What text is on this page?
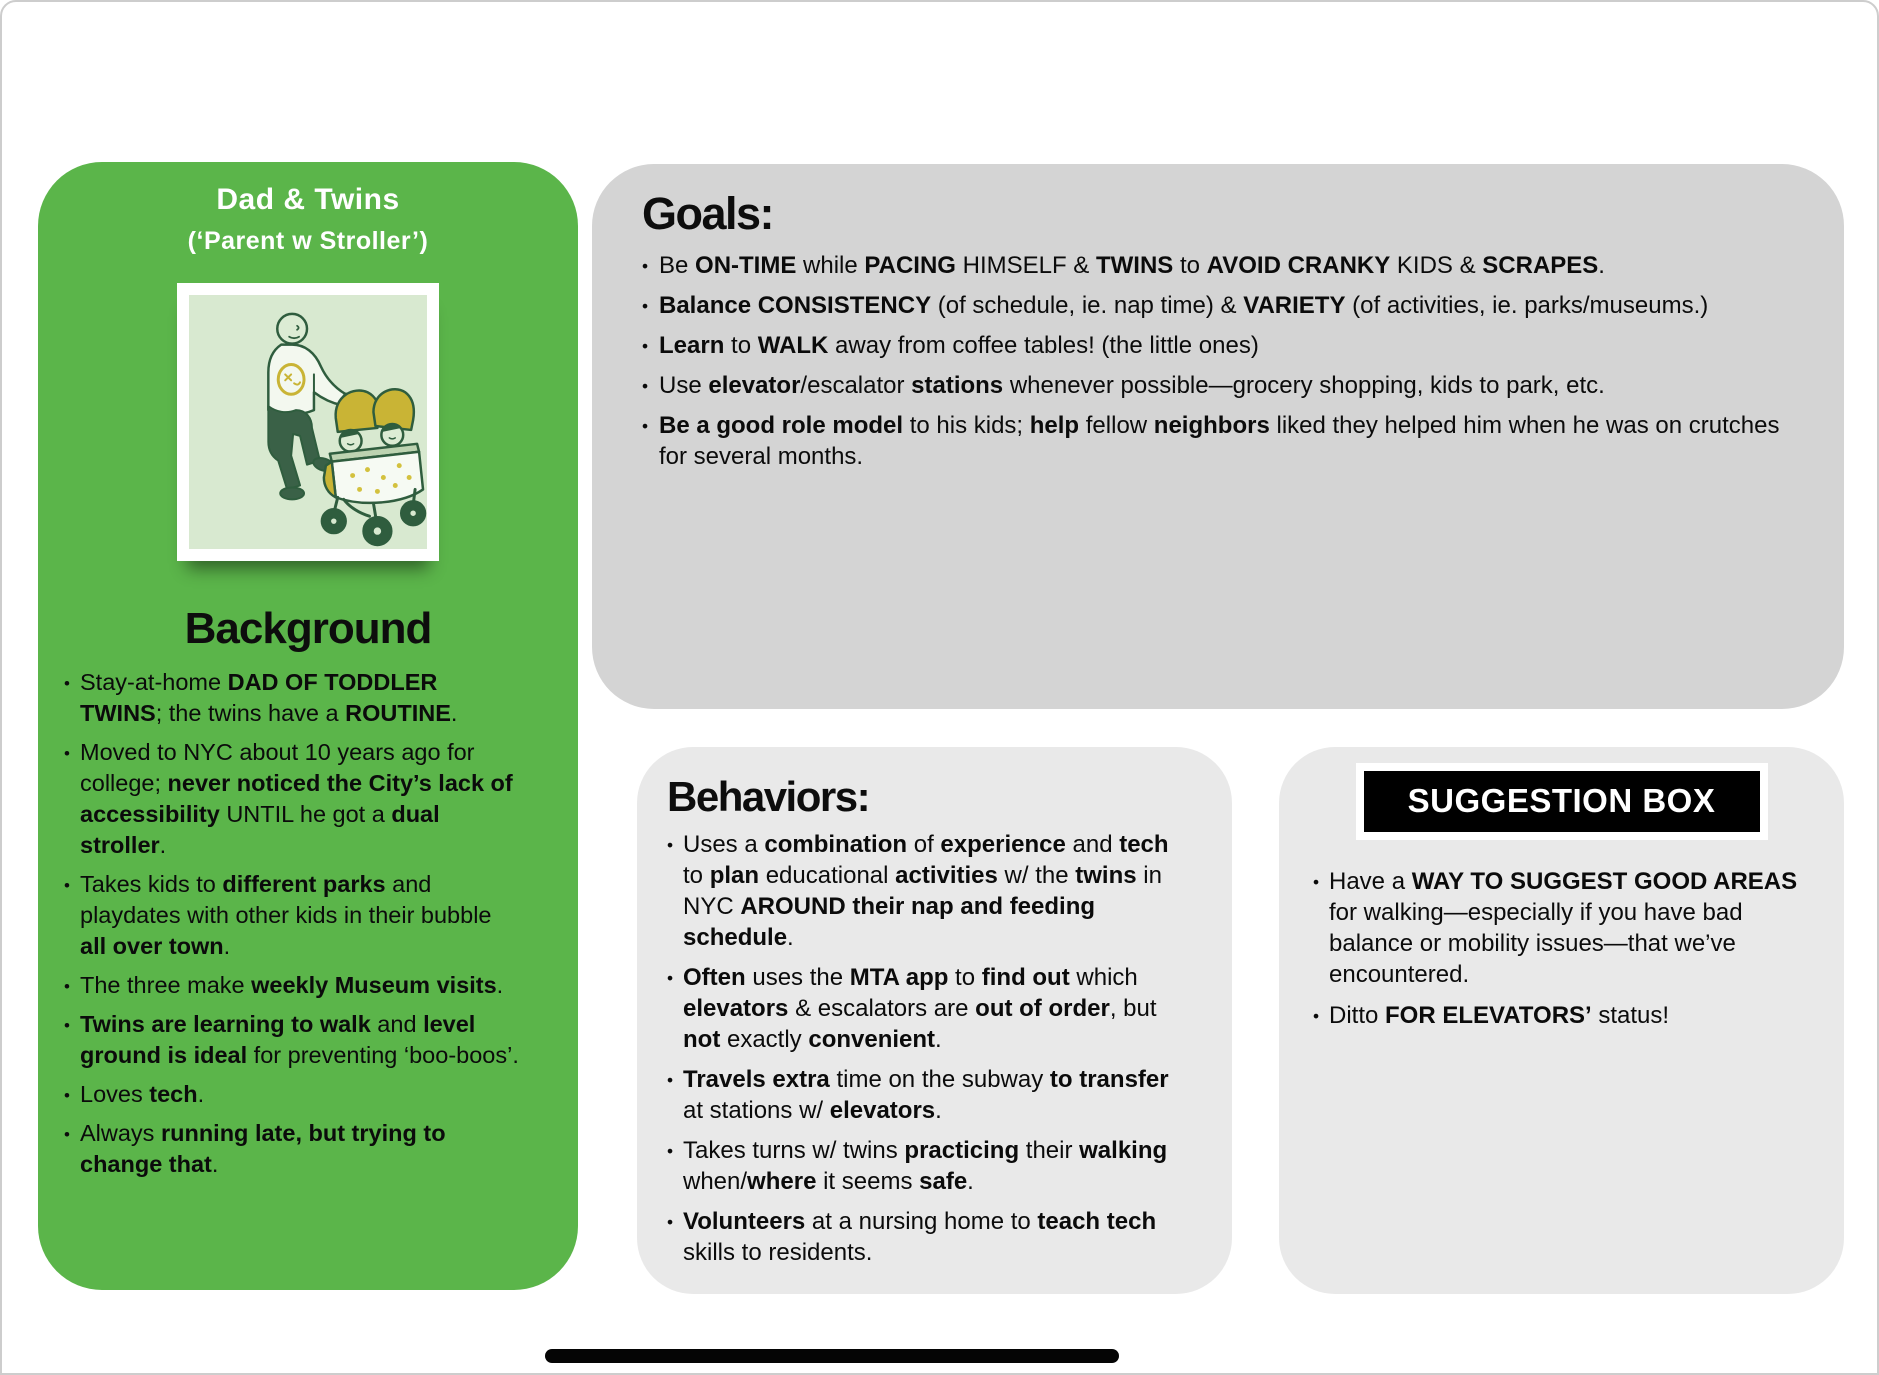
Dad & Twins
(‘Parent w Stroller’)
Background
• Stay-at-home DAD OF TODDLER TWINS; the twins have a ROUTINE.
• Moved to NYC about 10 years ago for college; never noticed the City’s lack of accessibility UNTIL he got a dual stroller.
• Takes kids to different parks and playdates with other kids in their bubble all over town.
• The three make weekly Museum visits.
• Twins are learning to walk and level ground is ideal for preventing ‘boo-boos’.
• Loves tech.
• Always running late, but trying to change that.
Goals:
• Be ON-TIME while PACING HIMSELF & TWINS to AVOID CRANKY KIDS & SCRAPES.
• Balance CONSISTENCY (of schedule, ie. nap time) & VARIETY (of activities, ie. parks/museums.)
• Learn to WALK away from coffee tables! (the little ones)
• Use elevator/escalator stations whenever possible—grocery shopping, kids to park, etc.
• Be a good role model to his kids; help fellow neighbors liked they helped him when he was on crutches for several months.
Behaviors:
• Uses a combination of experience and tech to plan educational activities w/ the twins in NYC AROUND their nap and feeding schedule.
• Often uses the MTA app to find out which elevators & escalators are out of order, but not exactly convenient.
• Travels extra time on the subway to transfer at stations w/ elevators.
• Takes turns w/ twins practicing their walking when/where it seems safe.
• Volunteers at a nursing home to teach tech skills to residents.
SUGGESTION BOX
• Have a WAY TO SUGGEST GOOD AREAS for walking—especially if you have bad balance or mobility issues—that we’ve encountered.
• Ditto FOR ELEVATORS’ status!
